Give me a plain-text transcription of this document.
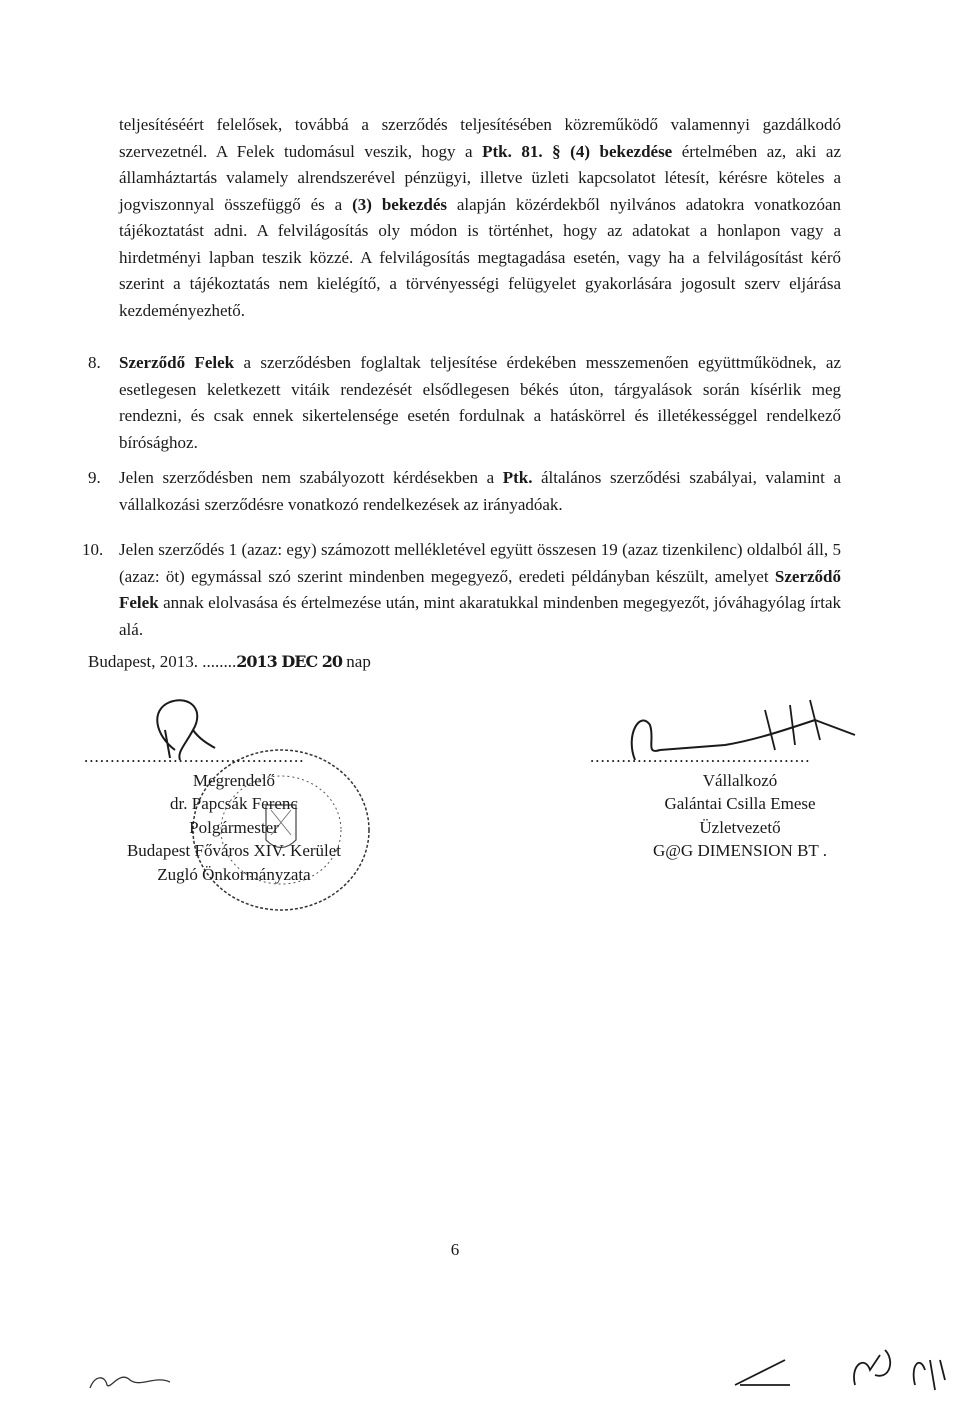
teljesítéséért felelősek, továbbá a szerződés teljesítésében közreműködő valamennyi gazdálkodó szervezetnél. A Felek tudomásul veszik, hogy a Ptk. 81. § (4) bekezdése értelmében az, aki az államháztartás valamely alrendszerével pénzügyi, illetve üzleti kapcsolatot létesít, kérésre köteles a jogviszonnyal összefüggő és a (3) bekezdés alapján közérdekből nyilvános adatokra vonatkozóan tájékoztatást adni. A felvilágosítás oly módon is történhet, hogy az adatokat a honlapon vagy a hirdetményi lapban teszik közzé. A felvilágosítás megtagadása esetén, vagy ha a felvilágosítást kérő szerint a tájékoztatás nem kielégítő, a törvényességi felügyelet gyakorlására jogosult szerv eljárása kezdeményezhető.

8.	Szerződő Felek a szerződésben foglaltak teljesítése érdekében messzemenően együttműködnek, az esetlegesen keletkezett vitáik rendezését elsődlegesen békés úton, tárgyalások során kísérlik meg rendezni, és csak ennek sikertelensége esetén fordulnak a hatáskörrel és illetékességgel rendelkező bírósághoz.

9.	Jelen szerződésben nem szabályozott kérdésekben a Ptk. általános szerződési szabályai, valamint a vállalkozási szerződésre vonatkozó rendelkezések az irányadóak.

10. Jelen szerződés 1 (azaz: egy) számozott mellékletével együtt összesen 19 (azaz tizenkilenc) oldalból áll, 5 (azaz: öt) egymással szó szerint mindenben megegyező, eredeti példányban készült, amelyet Szerződő Felek annak elolvasása és értelmezése után, mint akaratukkal mindenben megegyezőt, jóváhagyólag írtak alá.

Budapest, 2013. ........2013 DEC 20 nap
..........................................
Megrendelő
dr. Papcsák Ferenc
Polgármester
Budapest Főváros XIV. Kerület
Zugló Önkormányzata
..........................................
Vállalkozó
Galántai Csilla Emese
Üzletvezető
G@G DIMENSION BT .
6
